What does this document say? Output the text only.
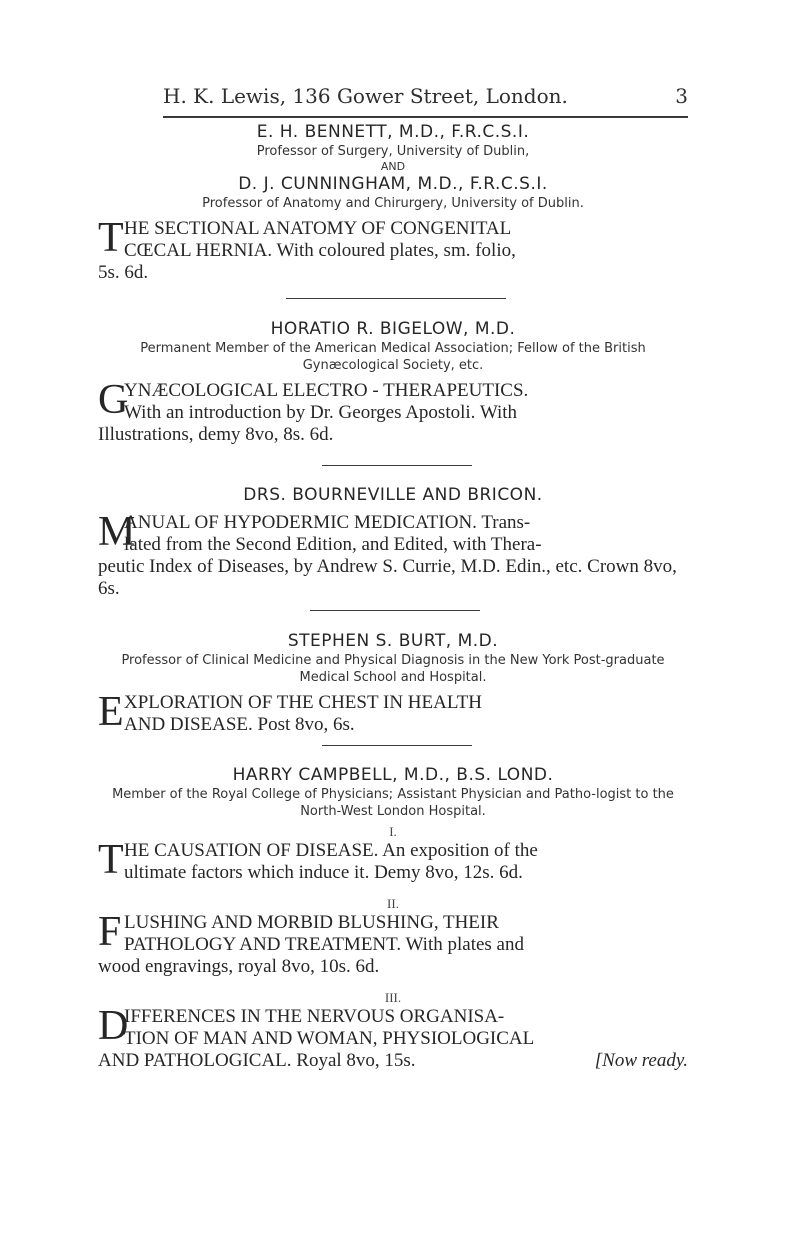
H. K. Lewis, 136 Gower Street, London.	3
E. H. BENNETT, M.D., F.R.C.S.I.
Professor of Surgery, University of Dublin,
AND
D. J. CUNNINGHAM, M.D., F.R.C.S.I.
Professor of Anatomy and Chirurgery, University of Dublin.
T HE SECTIONAL ANATOMY OF CONGENITAL
CŒCAL HERNIA. With coloured plates, sm. folio,
5s. 6d.
HORATIO R. BIGELOW, M.D.
Permanent Member of the American Medical Association; Fellow of the British Gynæcological Society, etc.
G
YNÆCOLOGICAL ELECTRO - THERAPEUTICS.
With an introduction by Dr. Georges Apostoli. With
Illustrations, demy 8vo, 8s. 6d.
DRS. BOURNEVILLE AND BRICON.
M
ANUAL OF HYPODERMIC MEDICATION. Trans-
lated from the Second Edition, and Edited, with Thera-
peutic Index of Diseases, by Andrew S. Currie, M.D. Edin., etc. Crown 8vo, 6s.
STEPHEN S. BURT, M.D.
Professor of Clinical Medicine and Physical Diagnosis in the New York Post-graduate Medical School and Hospital.
E XPLORATION OF THE CHEST IN HEALTH
AND DISEASE. Post 8vo, 6s.
HARRY CAMPBELL, M.D., B.S. LOND.
Member of the Royal College of Physicians; Assistant Physician and Patho-logist to the North-West London Hospital.
I.
T HE CAUSATION OF DISEASE. An exposition of the
ultimate factors which induce it. Demy 8vo, 12s. 6d.
II.
F LUSHING AND MORBID BLUSHING, THEIR
PATHOLOGY AND TREATMENT. With plates and
wood engravings, royal 8vo, 10s. 6d.
III.
D
IFFERENCES IN THE NERVOUS ORGANISA-
TION OF MAN AND WOMAN, PHYSIOLOGICAL
AND PATHOLOGICAL. Royal 8vo, 15s.	[Now ready.
